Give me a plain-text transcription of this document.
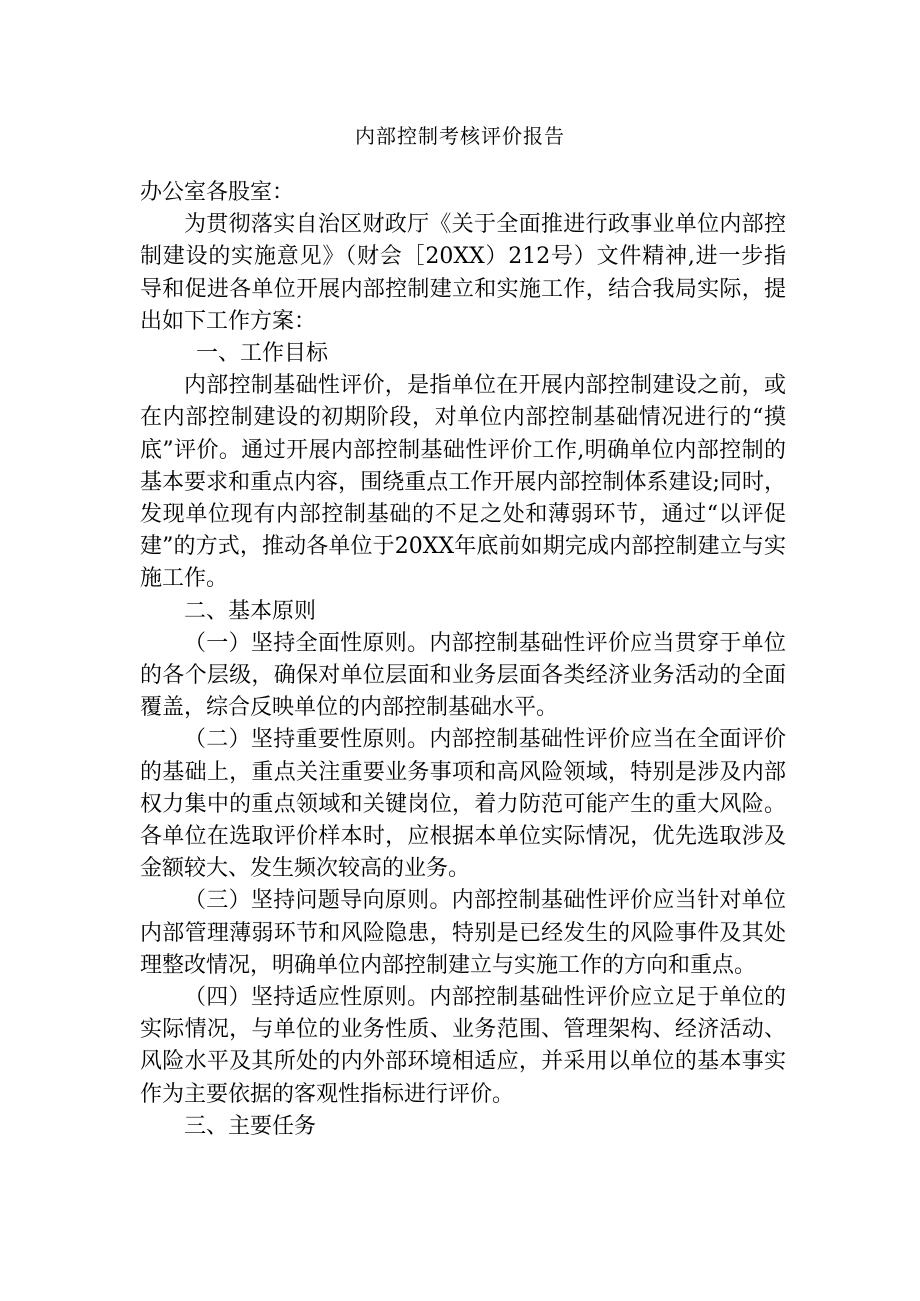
内部控制考核评价报告

办公室各股室：

为贯彻落实自治区财政厅《关于全面推进行政事业单位内部控制建设的实施意见》（财会［20XX）212号）文件精神,进一步指导和促进各单位开展内部控制建立和实施工作，结合我局实际，提出如下工作方案：

一、工作目标

内部控制基础性评价，是指单位在开展内部控制建设之前，或在内部控制建设的初期阶段，对单位内部控制基础情况进行的“摸底”评价。通过开展内部控制基础性评价工作,明确单位内部控制的基本要求和重点内容，围绕重点工作开展内部控制体系建设;同时，发现单位现有内部控制基础的不足之处和薄弱环节，通过“以评促建”的方式，推动各单位于20XX年底前如期完成内部控制建立与实施工作。

二、基本原则

（一）坚持全面性原则。内部控制基础性评价应当贯穿于单位的各个层级，确保对单位层面和业务层面各类经济业务活动的全面覆盖，综合反映单位的内部控制基础水平。

（二）坚持重要性原则。内部控制基础性评价应当在全面评价的基础上，重点关注重要业务事项和高风险领域，特别是涉及内部权力集中的重点领域和关键岗位，着力防范可能产生的重大风险。各单位在选取评价样本时，应根据本单位实际情况，优先选取涉及金额较大、发生频次较高的业务。

（三）坚持问题导向原则。内部控制基础性评价应当针对单位内部管理薄弱环节和风险隐患，特别是已经发生的风险事件及其处理整改情况，明确单位内部控制建立与实施工作的方向和重点。

（四）坚持适应性原则。内部控制基础性评价应立足于单位的实际情况，与单位的业务性质、业务范围、管理架构、经济活动、风险水平及其所处的内外部环境相适应，并采用以单位的基本事实作为主要依据的客观性指标进行评价。

三、主要任务
